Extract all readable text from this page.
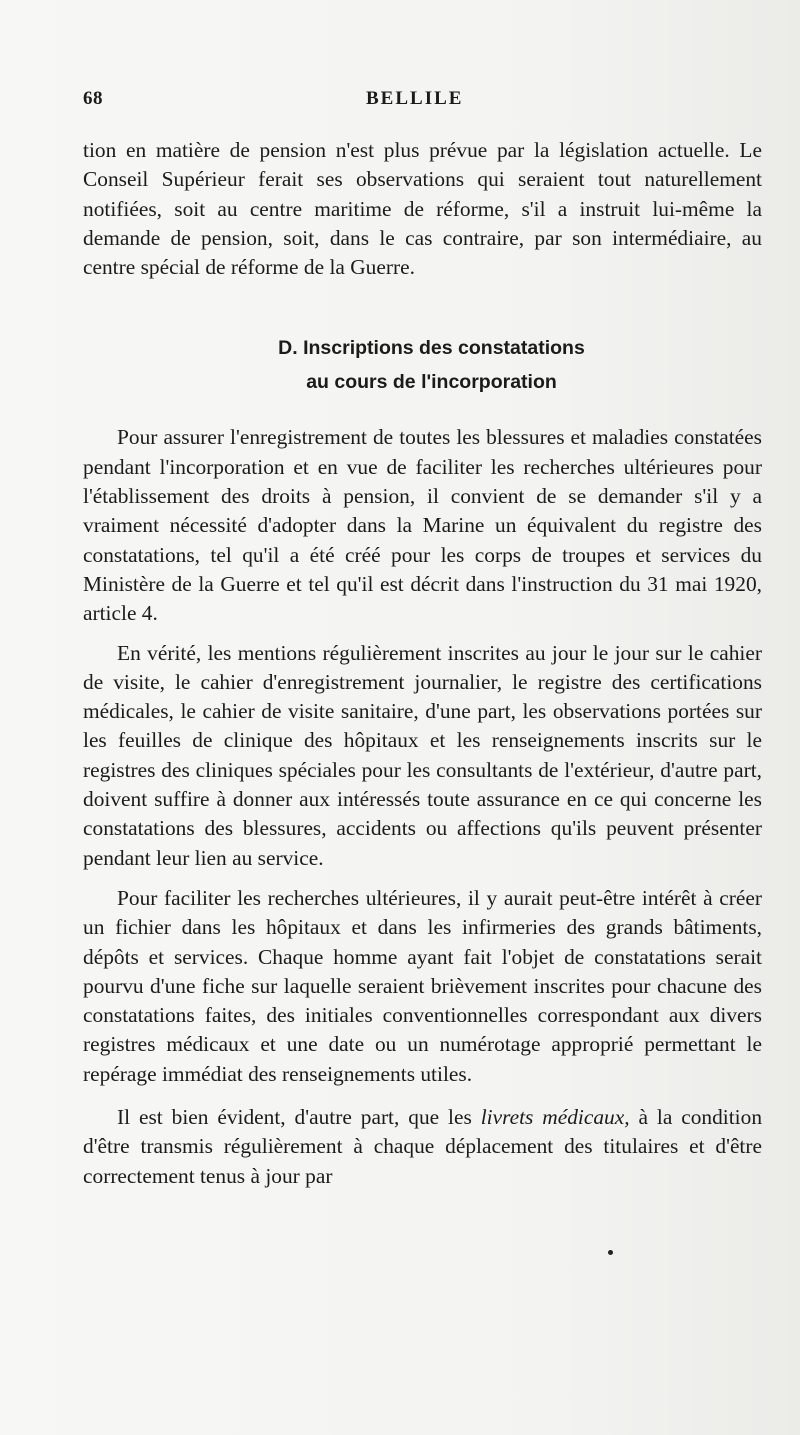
68	BELLILE

tion en matière de pension n'est plus prévue par la législation actuelle. Le Conseil Supérieur ferait ses observations qui seraient tout naturellement notifiées, soit au centre maritime de réforme, s'il a instruit lui-même la demande de pension, soit, dans le cas contraire, par son intermédiaire, au centre spécial de réforme de la Guerre.

D. Inscriptions des constatations
au cours de l'incorporation

Pour assurer l'enregistrement de toutes les blessures et maladies constatées pendant l'incorporation et en vue de faciliter les recherches ultérieures pour l'établissement des droits à pension, il convient de se demander s'il y a vraiment nécessité d'adopter dans la Marine un équivalent du registre des constatations, tel qu'il a été créé pour les corps de troupes et services du Ministère de la Guerre et tel qu'il est décrit dans l'instruction du 31 mai 1920, article 4.

En vérité, les mentions régulièrement inscrites au jour le jour sur le cahier de visite, le cahier d'enregistrement journalier, le registre des certifications médicales, le cahier de visite sanitaire, d'une part, les observations portées sur les feuilles de clinique des hôpitaux et les renseignements inscrits sur le registres des cliniques spéciales pour les consultants de l'extérieur, d'autre part, doivent suffire à donner aux intéressés toute assurance en ce qui concerne les constatations des blessures, accidents ou affections qu'ils peuvent présenter pendant leur lien au service.

Pour faciliter les recherches ultérieures, il y aurait peut-être intérêt à créer un fichier dans les hôpitaux et dans les infirmeries des grands bâtiments, dépôts et services. Chaque homme ayant fait l'objet de constatations serait pourvu d'une fiche sur laquelle seraient brièvement inscrites pour chacune des constatations faites, des initiales conventionnelles correspondant aux divers registres médicaux et une date ou un numérotage approprié permettant le repérage immédiat des renseignements utiles.

Il est bien évident, d'autre part, que les livrets médicaux, à la condition d'être transmis régulièrement à chaque déplacement des titulaires et d'être correctement tenus à jour par
